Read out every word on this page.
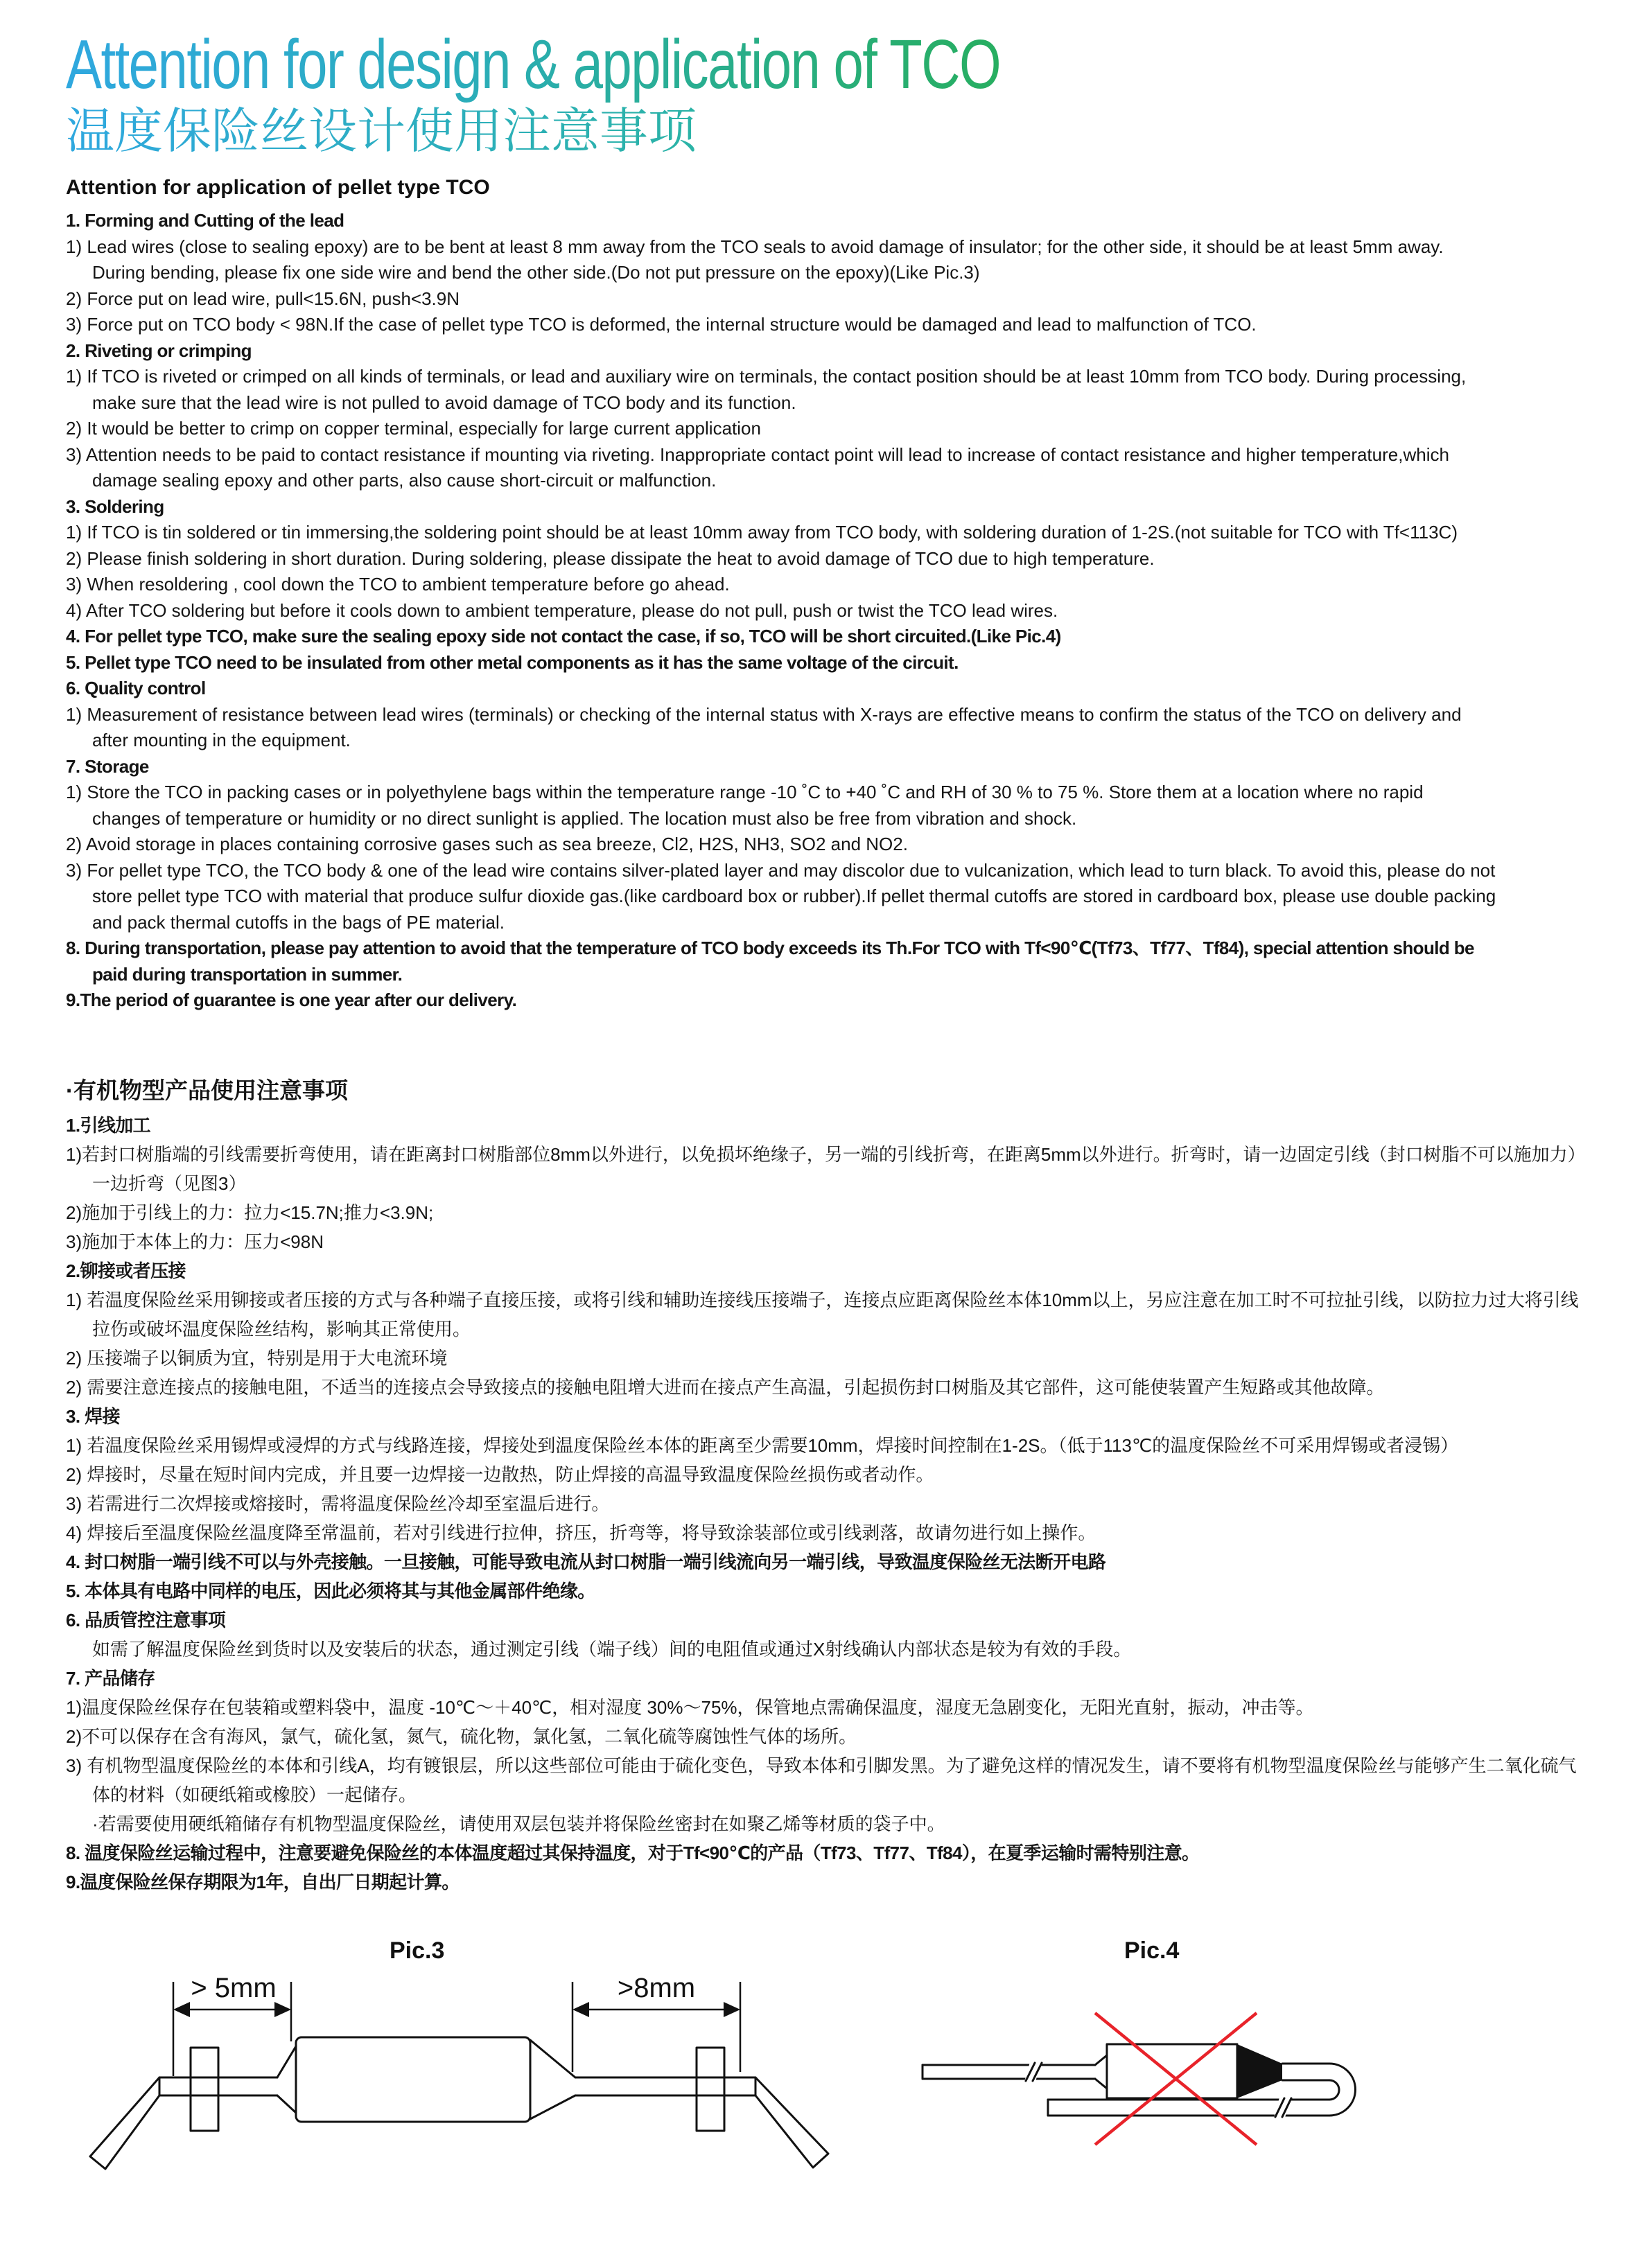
Attention for design & application of TCO
温度保险丝设计使用注意事项
Attention for application of pellet type TCO
1. Forming and Cutting of the lead
1) Lead wires (close to sealing epoxy) are to be bent at least 8 mm away from the TCO seals to avoid damage of insulator; for the other side, it should be at least 5mm away.
During bending, please fix one side wire and bend the other side.(Do not put pressure on the epoxy)(Like Pic.3)
2) Force put on lead wire, pull<15.6N, push<3.9N
3) Force put on TCO body < 98N.If the case of pellet type TCO is deformed, the internal structure would be damaged and lead to malfunction of TCO.
2. Riveting or crimping
1) If TCO is riveted or crimped on all kinds of terminals, or lead and auxiliary wire on terminals, the contact position should be at least 10mm from TCO body. During processing,
make sure that the lead wire is not pulled to avoid damage of TCO body and its function.
2) It would be better to crimp on copper terminal, especially for large current application
3) Attention needs to be paid to contact resistance if mounting via riveting. Inappropriate contact point will lead to increase of contact resistance and higher temperature,which
damage sealing epoxy and other parts, also cause short-circuit or malfunction.
3. Soldering
1) If TCO is tin soldered or tin immersing,the soldering point should be at least 10mm away from TCO body, with soldering duration of 1-2S.(not suitable for TCO with Tf<113C)
2) Please finish soldering in short duration. During soldering, please dissipate the heat to avoid damage of TCO due to high temperature.
3) When resoldering , cool down the TCO to ambient temperature before go ahead.
4) After TCO soldering but before it cools down to ambient temperature, please do not pull, push or twist the TCO lead wires.
4. For pellet type TCO, make sure the sealing epoxy side not contact the case, if so, TCO will be short circuited.(Like Pic.4)
5. Pellet type TCO need to be insulated from other metal components as it has the same voltage of the circuit.
6. Quality control
1) Measurement of resistance between lead wires (terminals) or checking of the internal status with X-rays are effective means to confirm the status of the TCO on delivery and
after mounting in the equipment.
7. Storage
1) Store the TCO in packing cases or in polyethylene bags within the temperature range -10 ˚C to +40 ˚C and RH of 30 % to 75 %. Store them at a location where no rapid
changes of temperature or humidity or no direct sunlight is applied. The location must also be free from vibration and shock.
2) Avoid storage in places containing corrosive gases such as sea breeze, Cl2, H2S, NH3, SO2 and NO2.
3) For pellet type TCO, the TCO body & one of the lead wire contains silver-plated layer and may discolor due to vulcanization, which lead to turn black. To avoid this, please do not
store pellet type TCO with material that produce sulfur dioxide gas.(like cardboard box or rubber).If pellet thermal cutoffs are stored in cardboard box, please use double packing
and pack thermal cutoffs in the bags of PE material.
8. During transportation, please pay attention to avoid that the temperature of TCO body exceeds its Th.For TCO with Tf<90℃(Tf73、Tf77、Tf84), special attention should be
paid during transportation in summer.
9.The period of guarantee is one year after our delivery.
·有机物型产品使用注意事项
1.引线加工
1)若封口树脂端的引线需要折弯使用，请在距离封口树脂部位8mm以外进行，以免损坏绝缘子，另一端的引线折弯，在距离5mm以外进行。折弯时，请一边固定引线（封口树脂不可以施加力）
一边折弯（见图3）
2)施加于引线上的力：拉力<15.7N;推力<3.9N;
3)施加于本体上的力：压力<98N
2.铆接或者压接
1) 若温度保险丝采用铆接或者压接的方式与各种端子直接压接，或将引线和辅助连接线压接端子，连接点应距离保险丝本体10mm以上，另应注意在加工时不可拉扯引线，以防拉力过大将引线
拉伤或破坏温度保险丝结构，影响其正常使用。
2) 压接端子以铜质为宜，特别是用于大电流环境
2) 需要注意连接点的接触电阻，不适当的连接点会导致接点的接触电阻增大进而在接点产生高温，引起损伤封口树脂及其它部件，这可能使装置产生短路或其他故障。
3. 焊接
1) 若温度保险丝采用锡焊或浸焊的方式与线路连接，焊接处到温度保险丝本体的距离至少需要10mm，焊接时间控制在1-2S。（低于113℃的温度保险丝不可采用焊锡或者浸锡）
2) 焊接时，尽量在短时间内完成，并且要一边焊接一边散热，防止焊接的高温导致温度保险丝损伤或者动作。
3) 若需进行二次焊接或熔接时，需将温度保险丝冷却至室温后进行。
4) 焊接后至温度保险丝温度降至常温前，若对引线进行拉伸，挤压，折弯等，将导致涂装部位或引线剥落，故请勿进行如上操作。
4. 封口树脂一端引线不可以与外壳接触。一旦接触，可能导致电流从封口树脂一端引线流向另一端引线，导致温度保险丝无法断开电路
5. 本体具有电路中同样的电压，因此必须将其与其他金属部件绝缘。
6. 品质管控注意事项
如需了解温度保险丝到货时以及安装后的状态，通过测定引线（端子线）间的电阻值或通过X射线确认内部状态是较为有效的手段。
7. 产品储存
1)温度保险丝保存在包装箱或塑料袋中，温度 -10℃～＋40℃，相对湿度 30%～75%，保管地点需确保温度，湿度无急剧变化，无阳光直射，振动，冲击等。
2)不可以保存在含有海风，氯气，硫化氢，氮气，硫化物，氯化氢，二氧化硫等腐蚀性气体的场所。
3) 有机物型温度保险丝的本体和引线A，均有镀银层，所以这些部位可能由于硫化变色，导致本体和引脚发黑。为了避免这样的情况发生，请不要将有机物型温度保险丝与能够产生二氧化硫气
体的材料（如硬纸箱或橡胶）一起储存。
·若需要使用硬纸箱储存有机物型温度保险丝，请使用双层包装并将保险丝密封在如聚乙烯等材质的袋子中。
8. 温度保险丝运输过程中，注意要避免保险丝的本体温度超过其保持温度，对于Tf<90℃的产品（Tf73、Tf77、Tf84），在夏季运输时需特别注意。
9.温度保险丝保存期限为1年，自出厂日期起计算。
Pic.3	Pic.4
> 5mm	>8mm
